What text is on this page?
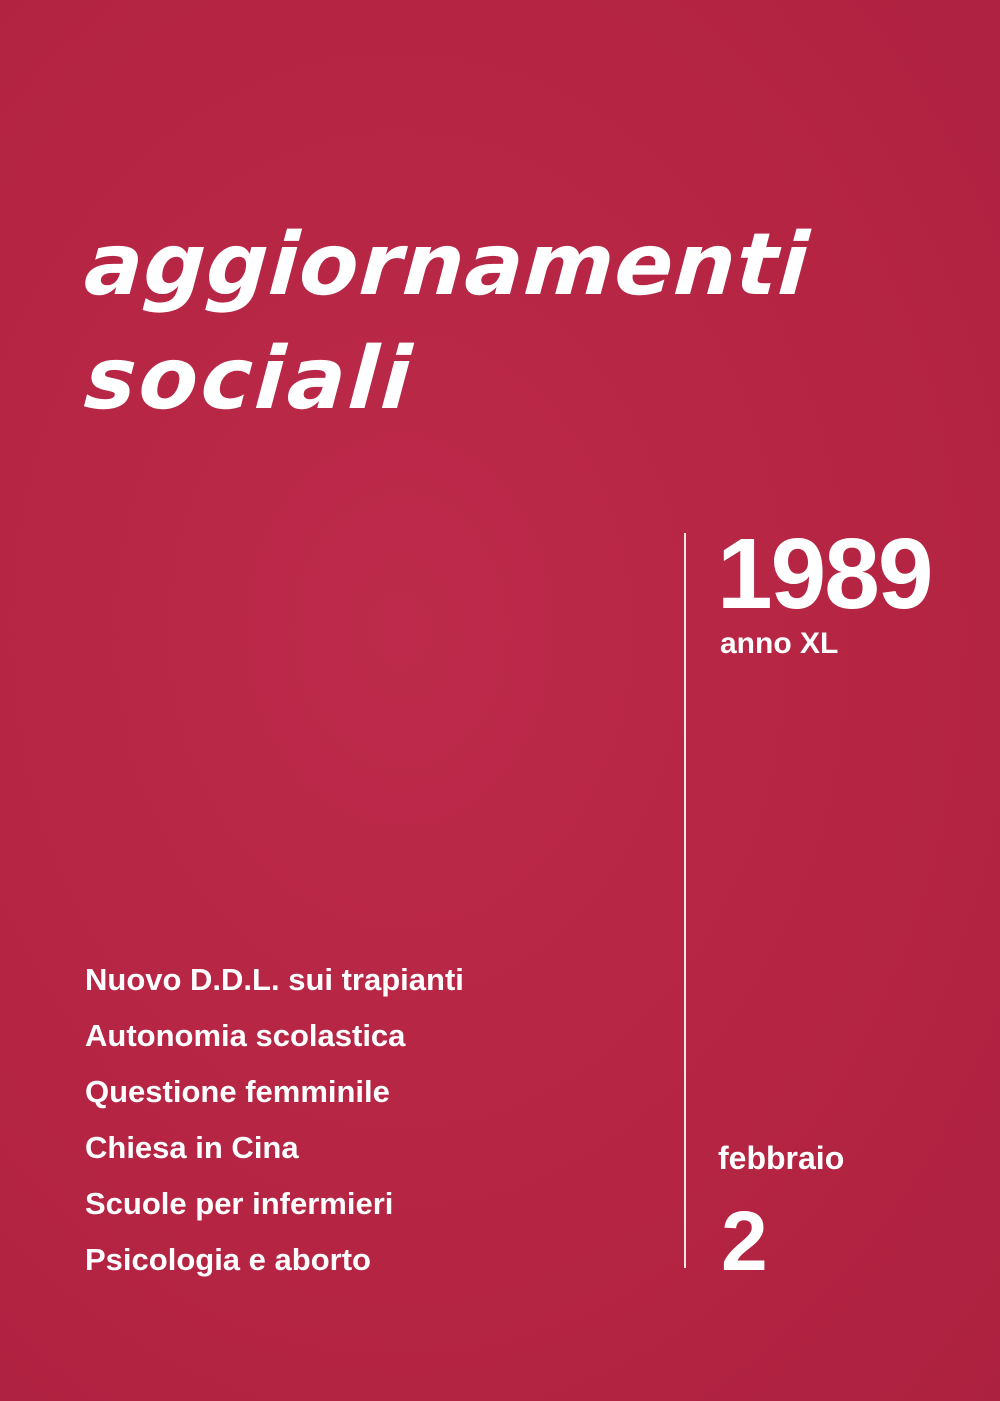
aggiornamenti
sociali
1989
anno XL
Nuovo D.D.L. sui trapianti
Autonomia scolastica
Questione femminile
Chiesa in Cina
Scuole per infermieri
Psicologia e aborto
febbraio
2
